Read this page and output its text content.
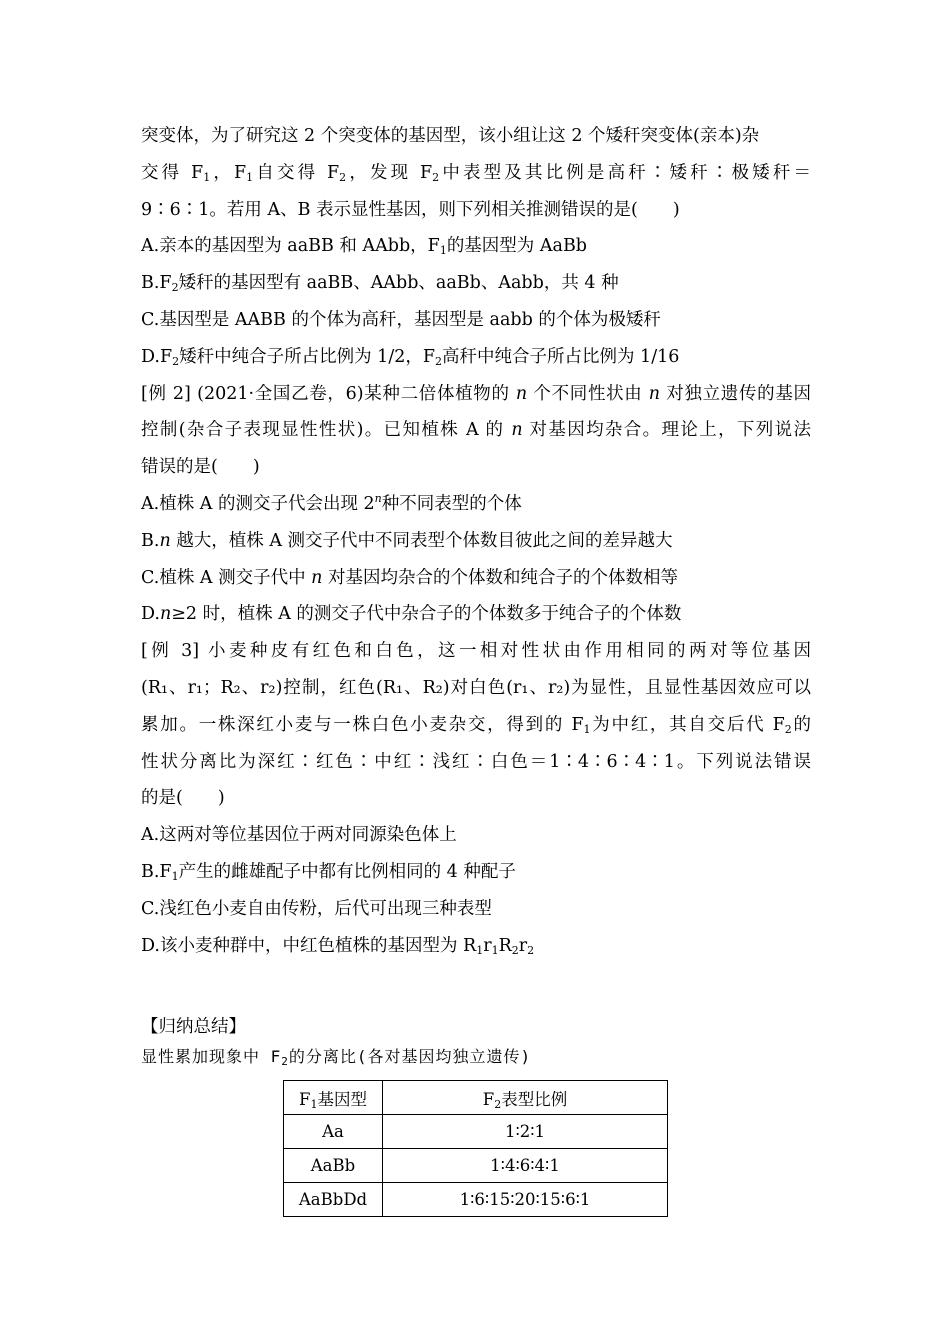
突变体，为了研究这 2 个突变体的基因型，该小组让这 2 个矮秆突变体(亲本)杂
交得 $F_1$，$F_1$自交得 $F_2$，发现 $F_2$中表型及其比例是高秆∶矮秆∶极矮秆＝
9∶6∶1。若用 A、B 表示显性基因，则下列相关推测错误的是(　　)
A.亲本的基因型为 aaBB 和 AAbb，$F_1$的基因型为 AaBb
$B.F_2$矮秆的基因型有 aaBB、AAbb、aaBb、Aabb，共 4 种
C.基因型是 AABB 的个体为高秆，基因型是 aabb 的个体为极矮秆
$D.F_2$矮秆中纯合子所占比例为 1/2，$F_2$高秆中纯合子所占比例为 1/16
[例 2] (2021·全国乙卷，6)某种二倍体植物的 n 个不同性状由 n 对独立遗传的基因
控制(杂合子表现显性性状)。已知植株 A 的 n 对基因均杂合。理论上，下列说法
错误的是(　　)
A.植株 A 的测交子代会出现 2$^n$种不同表型的个体
B.n 越大，植株 A 测交子代中不同表型个体数目彼此之间的差异越大
C.植株 A 测交子代中 n 对基因均杂合的个体数和纯合子的个体数相等
D.n≥2 时，植株 A 的测交子代中杂合子的个体数多于纯合子的个体数
[例 3] 小麦种皮有红色和白色，这一相对性状由作用相同的两对等位基因
(R₁、r₁；R₂、r₂)控制，红色(R₁、R₂)对白色(r₁、r₂)为显性，且显性基因效应可以
累加。一株深红小麦与一株白色小麦杂交，得到的 $F_1$为中红，其自交后代 $F_2$的
性状分离比为深红∶红色∶中红∶浅红∶白色＝1∶4∶6∶4∶1。下列说法错误
的是(　　)
A.这两对等位基因位于两对同源染色体上
$B.F_1$产生的雌雄配子中都有比例相同的 4 种配子
C.浅红色小麦自由传粉，后代可出现三种表型
D.该小麦种群中，中红色植株的基因型为 $R_1r_1R_2r_2$
【归纳总结】
显性累加现象中 $F_2$的分离比(各对基因均独立遗传)
$F_1$基因型	$F_2$表型比例
Aa	1∶2∶1
AaBb	1∶4∶6∶4∶1
AaBbDd	1∶6∶15∶20∶15∶6∶1
